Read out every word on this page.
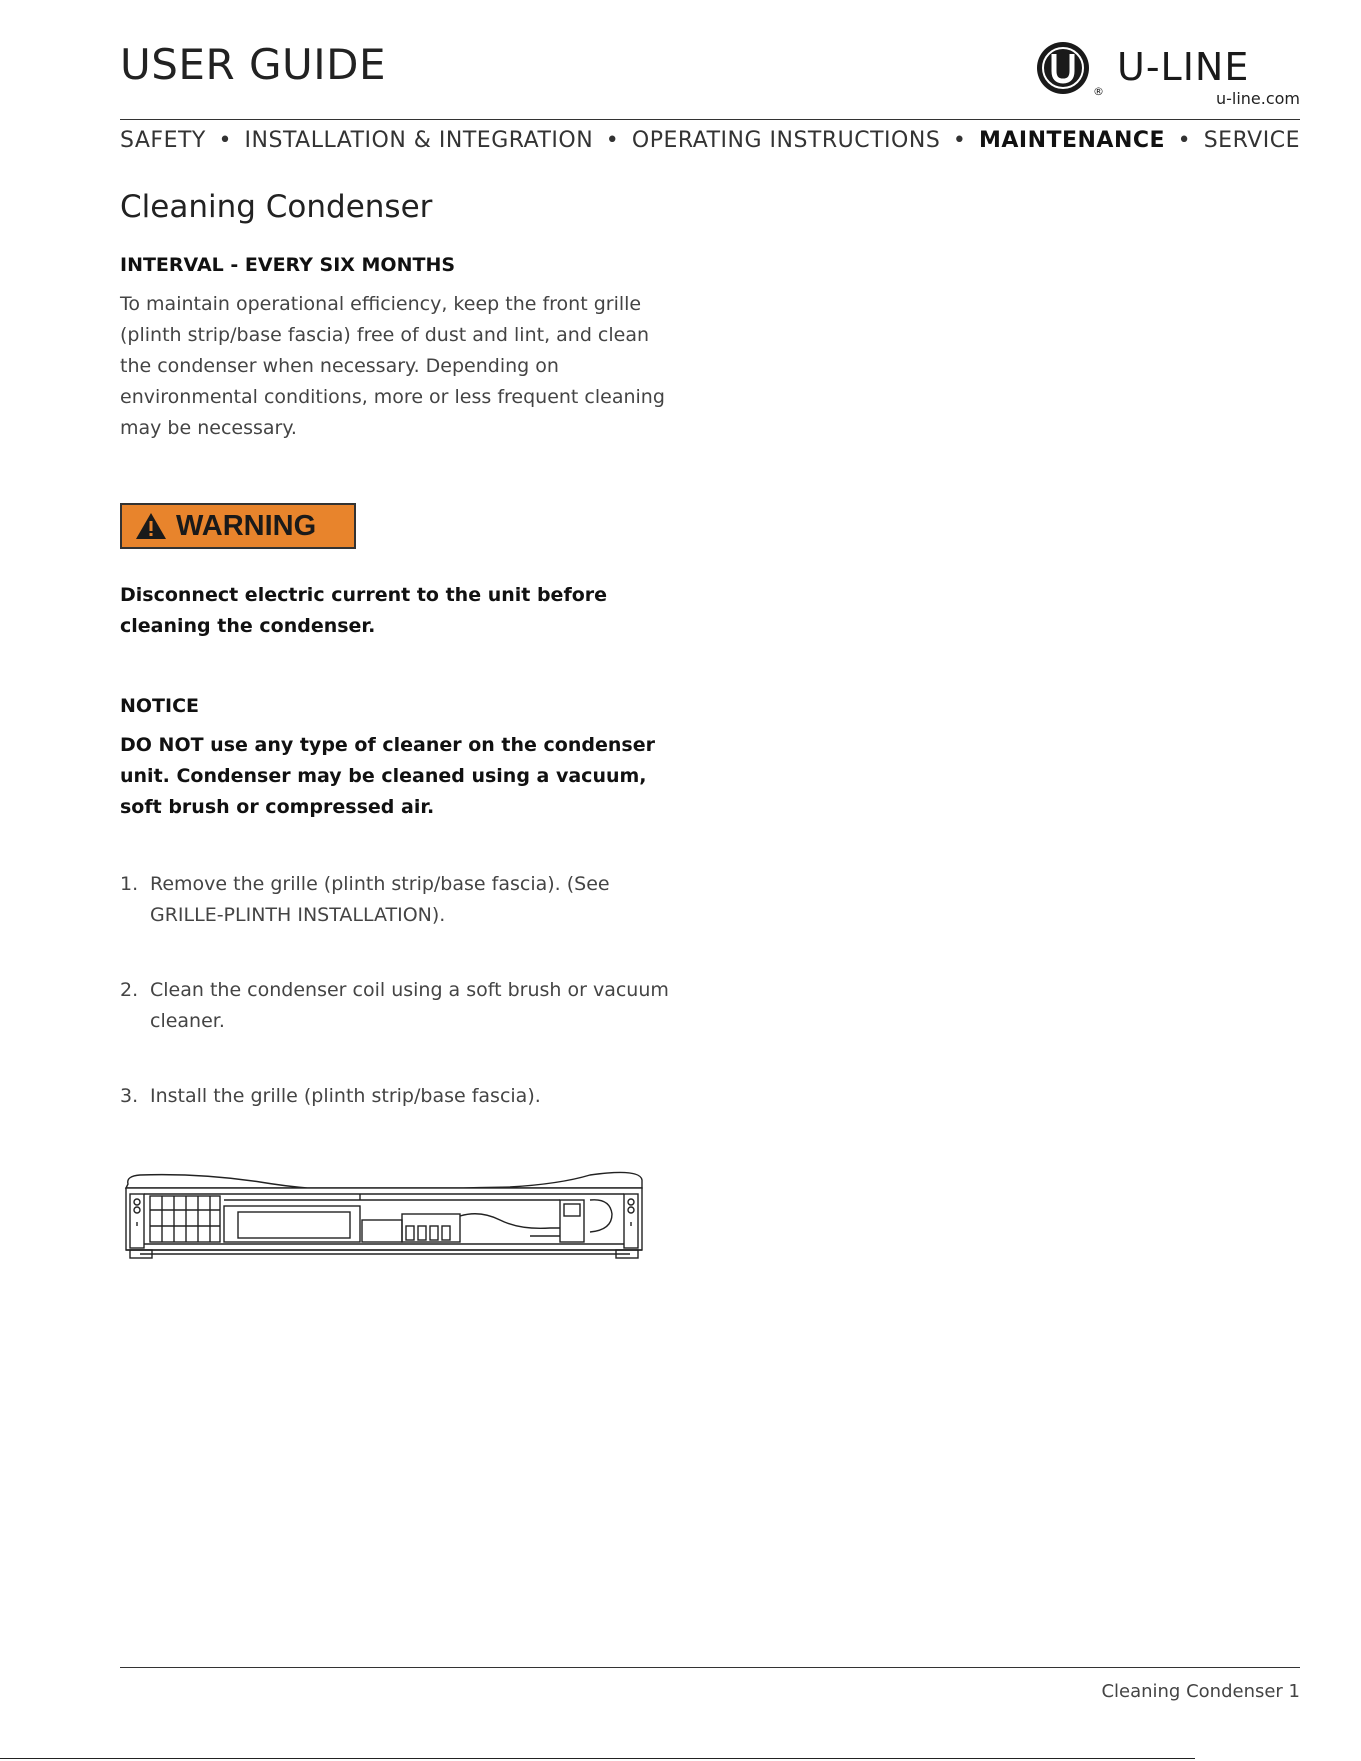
USER GUIDE
®
U-LINE
u-line.com
SAFETY • INSTALLATION & INTEGRATION • OPERATING INSTRUCTIONS • MAINTENANCE • SERVICE
Cleaning Condenser
INTERVAL - EVERY SIX MONTHS
To maintain operational efficiency, keep the front grille (plinth strip/base fascia) free of dust and lint, and clean the condenser when necessary. Depending on environmental conditions, more or less frequent cleaning may be necessary.
WARNING
Disconnect electric current to the unit before cleaning the condenser.
NOTICE
DO NOT use any type of cleaner on the condenser unit. Condenser may be cleaned using a vacuum, soft brush or compressed air.
1. Remove the grille (plinth strip/base fascia). (See GRILLE-PLINTH INSTALLATION).
2. Clean the condenser coil using a soft brush or vacuum cleaner.
3. Install the grille (plinth strip/base fascia).
Cleaning Condenser 1
